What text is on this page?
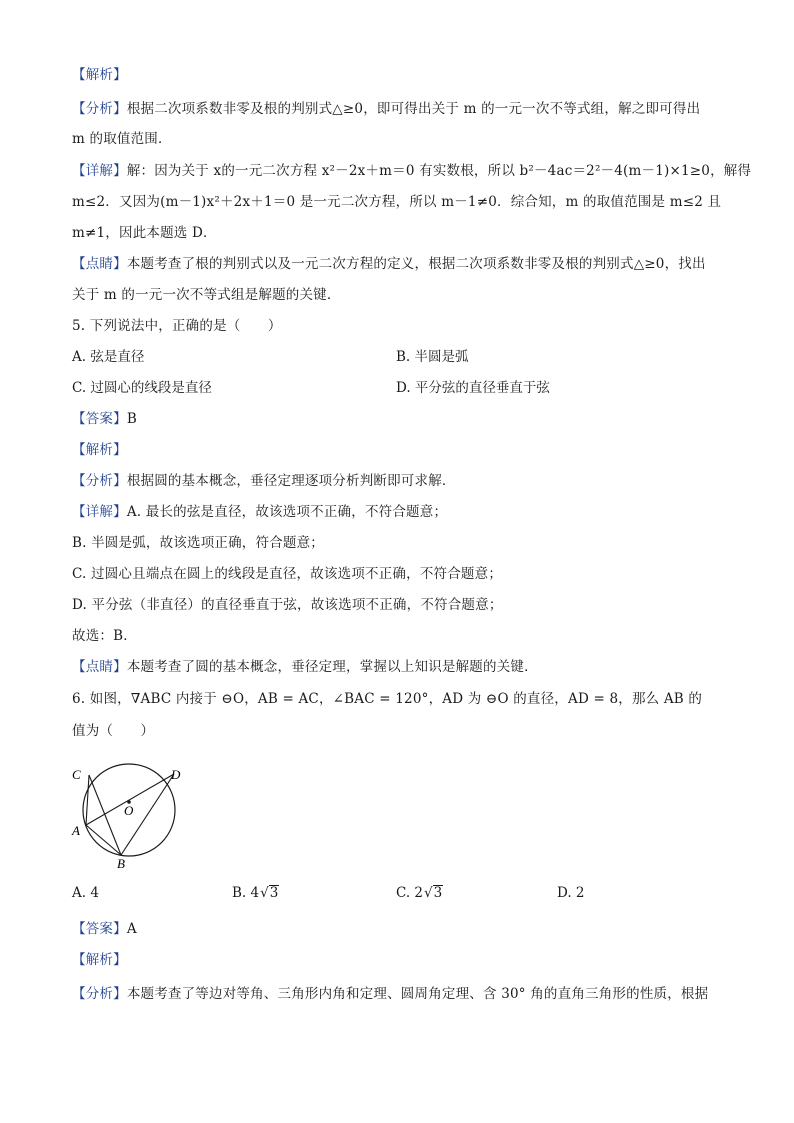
【解析】
【分析】根据二次项系数非零及根的判别式△≥0，即可得出关于 m 的一元一次不等式组，解之即可得出
m 的取值范围．
【详解】解：因为关于 x的一元二次方程 x²－2x＋m＝0 有实数根，所以 b²－4ac＝2²－4(m－1)×1≥0，解得
m≤2．又因为(m－1)x²＋2x＋1＝0 是一元二次方程，所以 m－1≠0．综合知，m 的取值范围是 m≤2 且
m≠1，因此本题选 D．
【点睛】本题考查了根的判别式以及一元二次方程的定义，根据二次项系数非零及根的判别式△≥0，找出
关于 m 的一元一次不等式组是解题的关键．
5. 下列说法中，正确的是（　　）
A. 弦是直径	B. 半圆是弧
C. 过圆心的线段是直径	D. 平分弦的直径垂直于弦
【答案】B
【解析】
【分析】根据圆的基本概念，垂径定理逐项分析判断即可求解．
【详解】A. 最长的弦是直径，故该选项不正确，不符合题意；
B. 半圆是弧，故该选项正确，符合题意；
C. 过圆心且端点在圆上的线段是直径，故该选项不正确，不符合题意；
D. 平分弦（非直径）的直径垂直于弦，故该选项不正确，不符合题意；
故选：B．
【点睛】本题考查了圆的基本概念，垂径定理，掌握以上知识是解题的关键．
6. 如图，∇ABC 内接于 ⊖O，AB = AC，∠BAC = 120°，AD 为 ⊖O 的直径，AD = 8，那么 AB 的
值为（　　）
C	D
O
A
B
A. 4	B. 4√3	C. 2√3	D. 2
【答案】A
【解析】
【分析】本题考查了等边对等角、三角形内角和定理、圆周角定理、含 30° 角的直角三角形的性质，根据
